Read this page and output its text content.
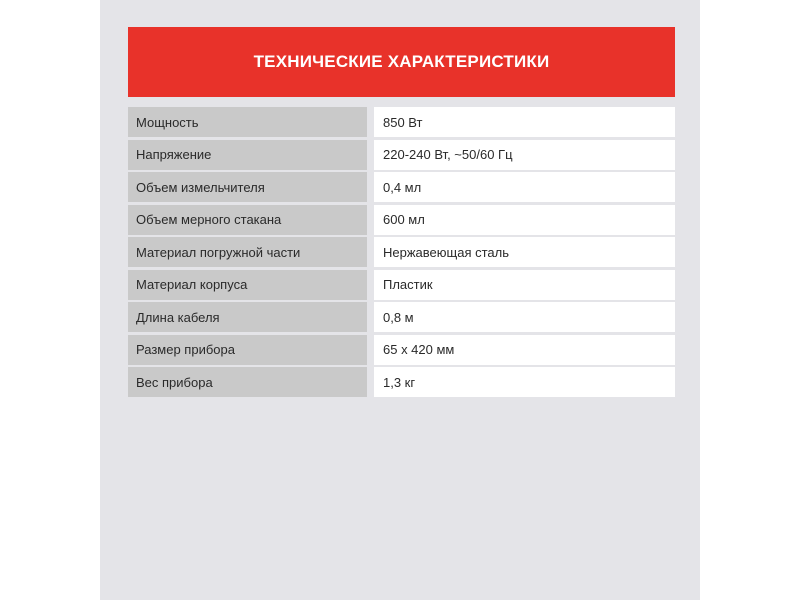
ТЕХНИЧЕСКИЕ ХАРАКТЕРИСТИКИ
Мощность	850 Вт
Напряжение	220-240 Вт, ~50/60 Гц
Объем измельчителя	0,4 мл
Объем мерного стакана	600 мл
Материал погружной части	Нержавеющая сталь
Материал корпуса	Пластик
Длина кабеля	0,8 м
Размер прибора	65 x 420 мм
Вес прибора	1,3 кг
